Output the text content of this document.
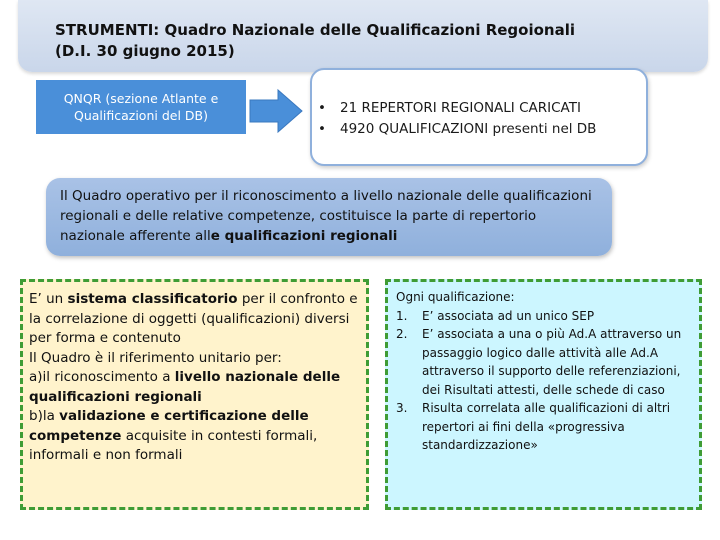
STRUMENTI: Quadro Nazionale delle Qualificazioni Regoionali (D.I. 30 giugno 2015)
QNQR (sezione Atlante e Qualificazioni del DB)	• 21 REPERTORI REGIONALI CARICATI
• 4920 QUALIFICAZIONI presenti nel DB
Il Quadro operativo per il riconoscimento a livello nazionale delle qualificazioni regionali e delle relative competenze, costituisce la parte di repertorio nazionale afferente alle qualificazioni regionali

E’ un sistema classificatorio per il confronto e la correlazione di oggetti (qualificazioni) diversi per forma e contenuto

Il Quadro è il riferimento unitario per:

a)il riconoscimento a livello nazionale delle qualificazioni regionali

b)la validazione e certificazione delle competenze acquisite in contesti formali, informali e non formali

Ogni qualificazione:
1. E’ associata ad un unico SEP
2. E’ associata a una o più Ad.A attraverso un passaggio logico dalle attività alle Ad.A attraverso il supporto delle referenziazioni, dei Risultati attesti, delle schede di caso
3. Risulta correlata alle qualificazioni di altri repertori ai fini della «progressiva standardizzazione»
